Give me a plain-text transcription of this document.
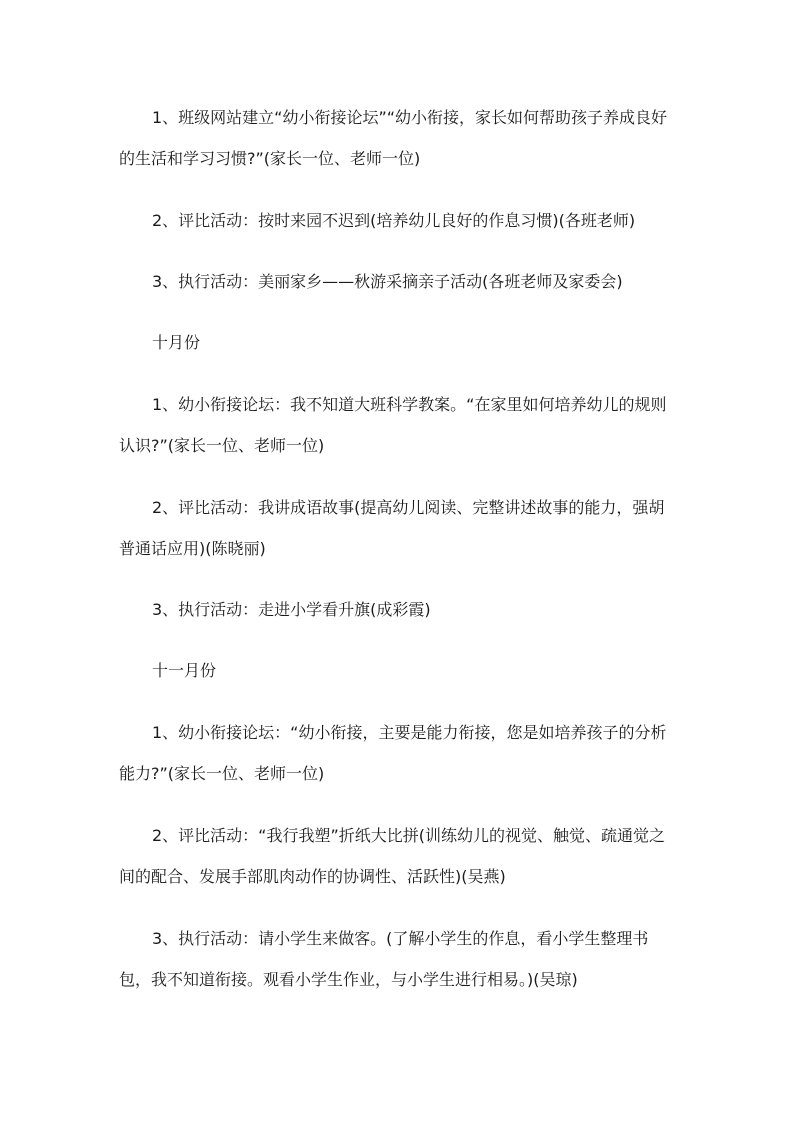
1、班级网站建立“幼小衔接论坛”“幼小衔接，家长如何帮助孩子养成良好的生活和学习习惯?”(家长一位、老师一位)

2、评比活动：按时来园不迟到(培养幼儿良好的作息习惯)(各班老师)

3、执行活动：美丽家乡——秋游采摘亲子活动(各班老师及家委会)

十月份

1、幼小衔接论坛：我不知道大班科学教案。“在家里如何培养幼儿的规则认识?”(家长一位、老师一位)

2、评比活动：我讲成语故事(提高幼儿阅读、完整讲述故事的能力，强胡普通话应用)(陈晓丽)

3、执行活动：走进小学看升旗(成彩霞)

十一月份

1、幼小衔接论坛：“幼小衔接，主要是能力衔接，您是如培养孩子的分析能力?”(家长一位、老师一位)

2、评比活动：“我行我塑”折纸大比拼(训练幼儿的视觉、触觉、疏通觉之间的配合、发展手部肌肉动作的协调性、活跃性)(吴燕)

3、执行活动：请小学生来做客。(了解小学生的作息，看小学生整理书包，我不知道衔接。观看小学生作业，与小学生进行相易。)(吴琼)
